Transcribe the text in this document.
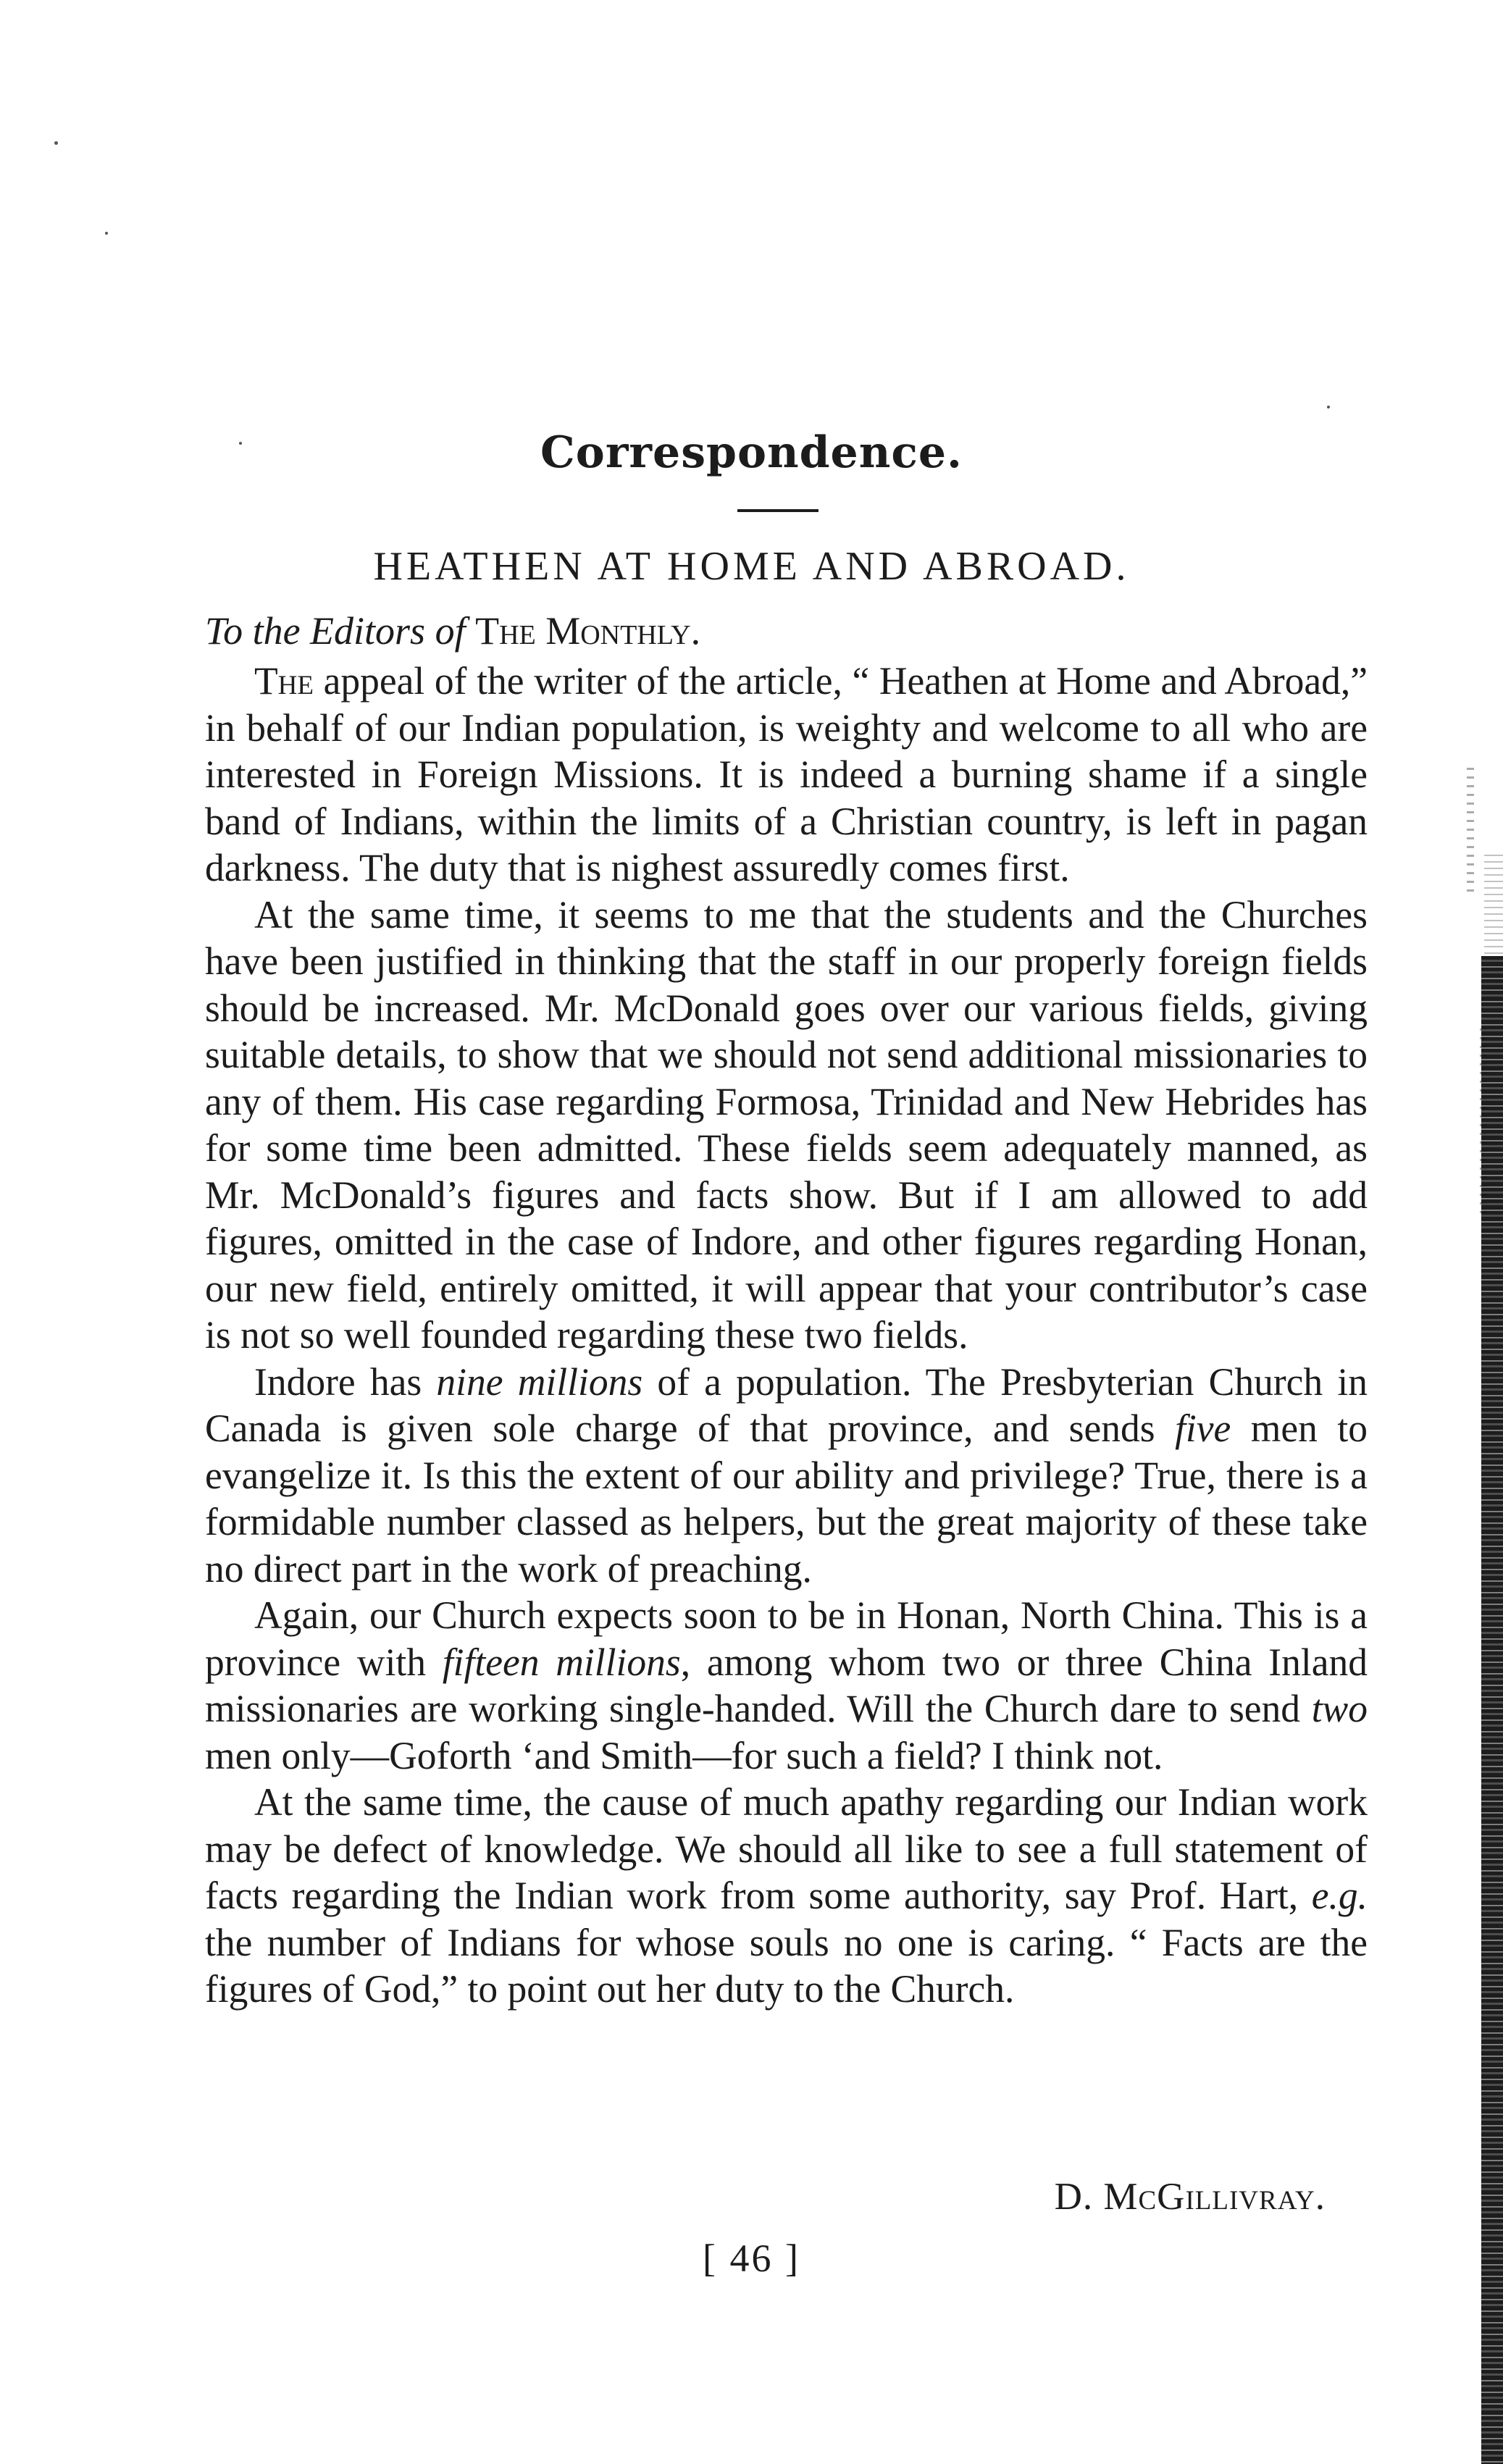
Correspondence.
HEATHEN AT HOME AND ABROAD.
To the Editors of The Monthly.

The appeal of the writer of the article, “ Heathen at Home and Abroad,” in behalf of our Indian population, is weighty and welcome to all who are interested in Foreign Missions. It is indeed a burning shame if a single band of Indians, within the limits of a Christian country, is left in pagan darkness. The duty that is nighest assuredly comes first.

At the same time, it seems to me that the students and the Churches have been justified in thinking that the staff in our properly foreign fields should be increased. Mr. McDonald goes over our various fields, giving suitable details, to show that we should not send additional missionaries to any of them. His case regarding Formosa, Trinidad and New Hebrides has for some time been admitted. These fields seem adequately manned, as Mr. McDonald’s figures and facts show. But if I am allowed to add figures, omitted in the case of Indore, and other figures regarding Honan, our new field, entirely omitted, it will appear that your contributor’s case is not so well founded regarding these two fields.

Indore has nine millions of a population. The Presbyterian Church in Canada is given sole charge of that province, and sends five men to evangelize it. Is this the extent of our ability and privilege? True, there is a formidable number classed as helpers, but the great majority of these take no direct part in the work of preaching.

Again, our Church expects soon to be in Honan, North China. This is a province with fifteen millions, among whom two or three China Inland missionaries are working single-handed. Will the Church dare to send two men only—Goforth ‘and Smith—for such a field? I think not.

At the same time, the cause of much apathy regarding our Indian work may be defect of knowledge. We should all like to see a full statement of facts regarding the Indian work from some authority, say Prof. Hart, e.g. the number of Indians for whose souls no one is caring. “ Facts are the figures of God,” to point out her duty to the Church.

D. McGillivray.
[ 46 ]
